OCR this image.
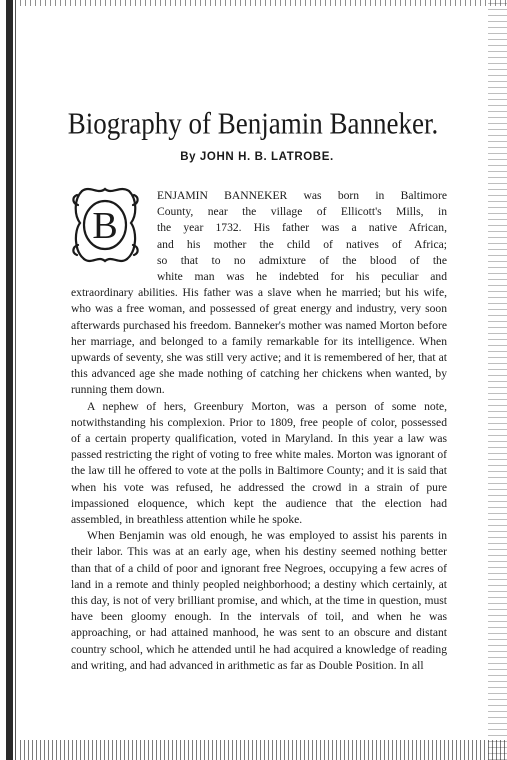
Biography of Benjamin Banneker.
By JOHN H. B. LATROBE.
B
ENJAMIN BANNEKER was born in Baltimore
County, near the village of Ellicott's Mills, in
the year 1732. His father was a native African,
and his mother the child of natives of Africa;
so that to no admixture of the blood of the
white man was he indebted for his peculiar and

extraordinary abilities. His father was a slave when he married; but his wife, who was a free woman, and possessed of great energy and industry, very soon afterwards purchased his freedom. Banneker's mother was named Morton before her marriage, and belonged to a family remarkable for its intelligence. When upwards of seventy, she was still very active; and it is remembered of her, that at this advanced age she made nothing of catching her chickens when wanted, by running them down.

A nephew of hers, Greenbury Morton, was a person of some note, notwithstanding his complexion. Prior to 1809, free people of color, possessed of a certain property qualification, voted in Maryland. In this year a law was passed restricting the right of voting to free white males. Morton was ignorant of the law till he offered to vote at the polls in Baltimore County; and it is said that when his vote was refused, he addressed the crowd in a strain of pure impassioned eloquence, which kept the audience that the election had assembled, in breathless attention while he spoke.

When Benjamin was old enough, he was employed to assist his parents in their labor. This was at an early age, when his destiny seemed nothing better than that of a child of poor and ignorant free Negroes, occupying a few acres of land in a remote and thinly peopled neighborhood; a destiny which certainly, at this day, is not of very brilliant promise, and which, at the time in question, must have been gloomy enough. In the intervals of toil, and when he was approaching, or had attained manhood, he was sent to an obscure and distant country school, which he attended until he had acquired a knowledge of reading and writing, and had advanced in arithmetic as far as Double Position. In all
